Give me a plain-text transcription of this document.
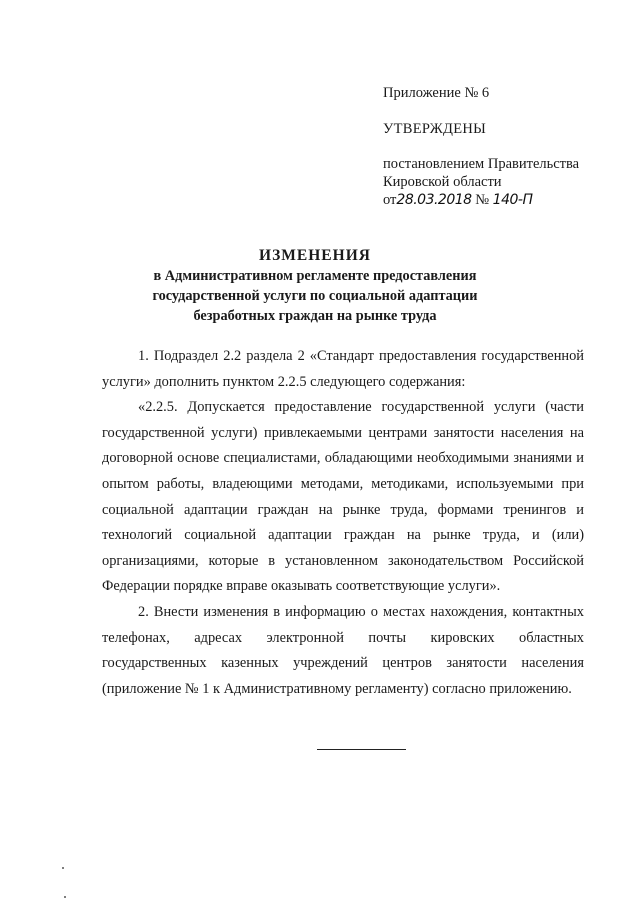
Приложение № 6
УТВЕРЖДЕНЫ
постановлением Правительства
Кировской области
от28.03.2018 № 140-П
ИЗМЕНЕНИЯ
в Административном регламенте предоставления
государственной услуги по социальной адаптации
безработных граждан на рынке труда

1. Подраздел 2.2 раздела 2 «Стандарт предоставления государственной услуги» дополнить пунктом 2.2.5 следующего содержания:

«2.2.5. Допускается предоставление государственной услуги (части государственной услуги) привлекаемыми центрами занятости населения на договорной основе специалистами, обладающими необходимыми знаниями и опытом работы, владеющими методами, методиками, используемыми при социальной адаптации граждан на рынке труда, формами тренингов и технологий социальной адаптации граждан на рынке труда, и (или) организациями, которые в установленном законодательством Российской Федерации порядке вправе оказывать соответствующие услуги».

2. Внести изменения в информацию о местах нахождения, контактных телефонах, адресах электронной почты кировских областных государственных казенных учреждений центров занятости населения (приложение № 1 к Административному регламенту) согласно приложению.
